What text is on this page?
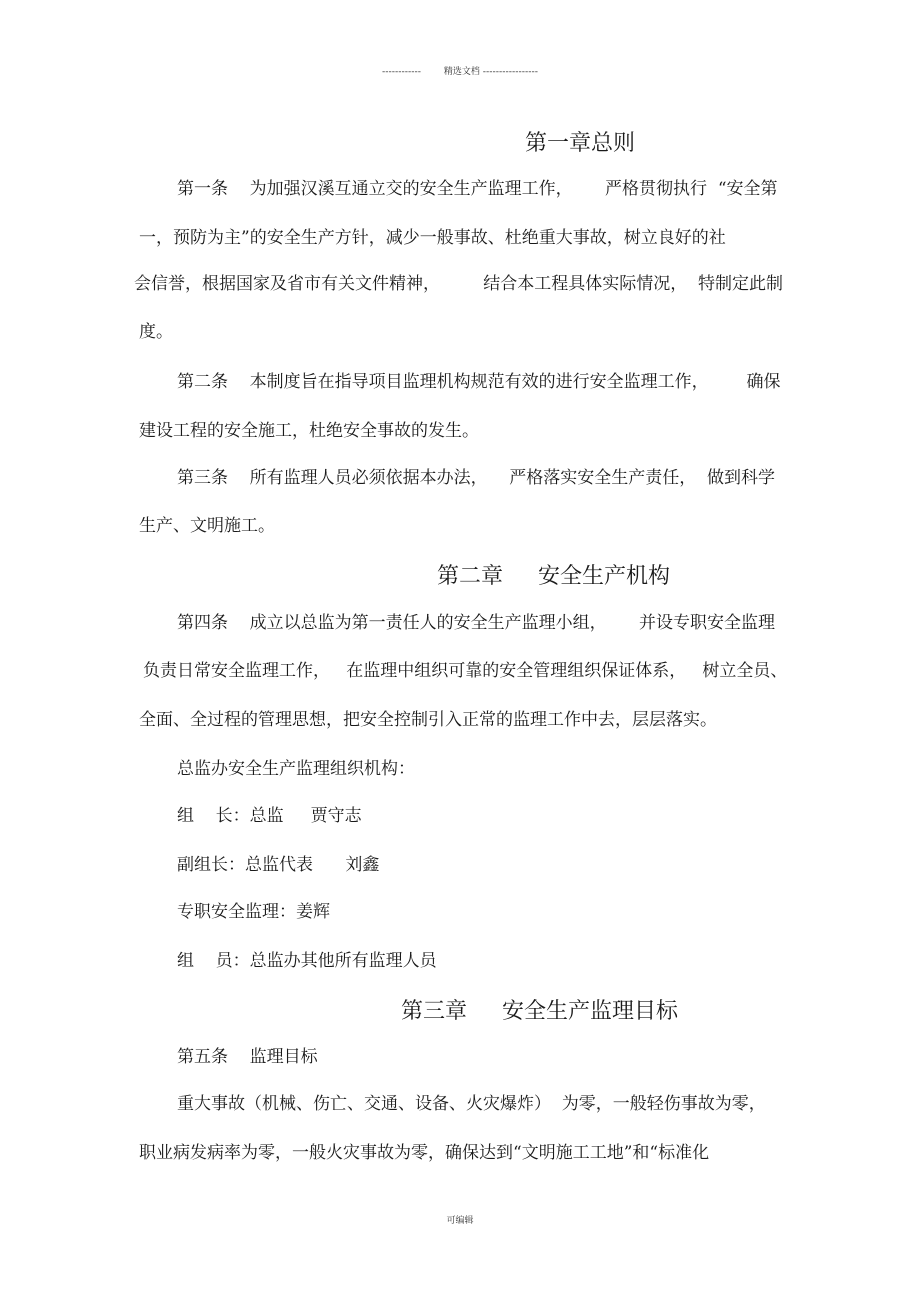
------------        精选文档 -----------------
第一章总则
第一条    为加强汉溪互通立交的安全生产监理工作，      严格贯彻执行  “安全第
一，预防为主”的安全生产方针，减少一般事故、杜绝重大事故，树立良好的社
会信誉，根据国家及省市有关文件精神，        结合本工程具体实际情况，  特制定此制
度。
第二条    本制度旨在指导项目监理机构规范有效的进行安全监理工作，       确保
建设工程的安全施工，杜绝安全事故的发生。
第三条    所有监理人员必须依据本办法，    严格落实安全生产责任，  做到科学
生产、文明施工。
第二章     安全生产机构
第四条    成立以总监为第一责任人的安全生产监理小组，      并设专职安全监理
负责日常安全监理工作，   在监理中组织可靠的安全管理组织保证体系，   树立全员、
全面、全过程的管理思想，把安全控制引入正常的监理工作中去，层层落实。
总监办安全生产监理组织机构：
组    长：总监     贾守志
副组长：总监代表      刘鑫
专职安全监理：姜辉
组    员：总监办其他所有监理人员
第三章     安全生产监理目标
第五条    监理目标
重大事故（机械、伤亡、交通、设备、火灾爆炸）  为零，一般轻伤事故为零，
职业病发病率为零，一般火灾事故为零，确保达到“文明施工工地”和“标准化
可编辑
